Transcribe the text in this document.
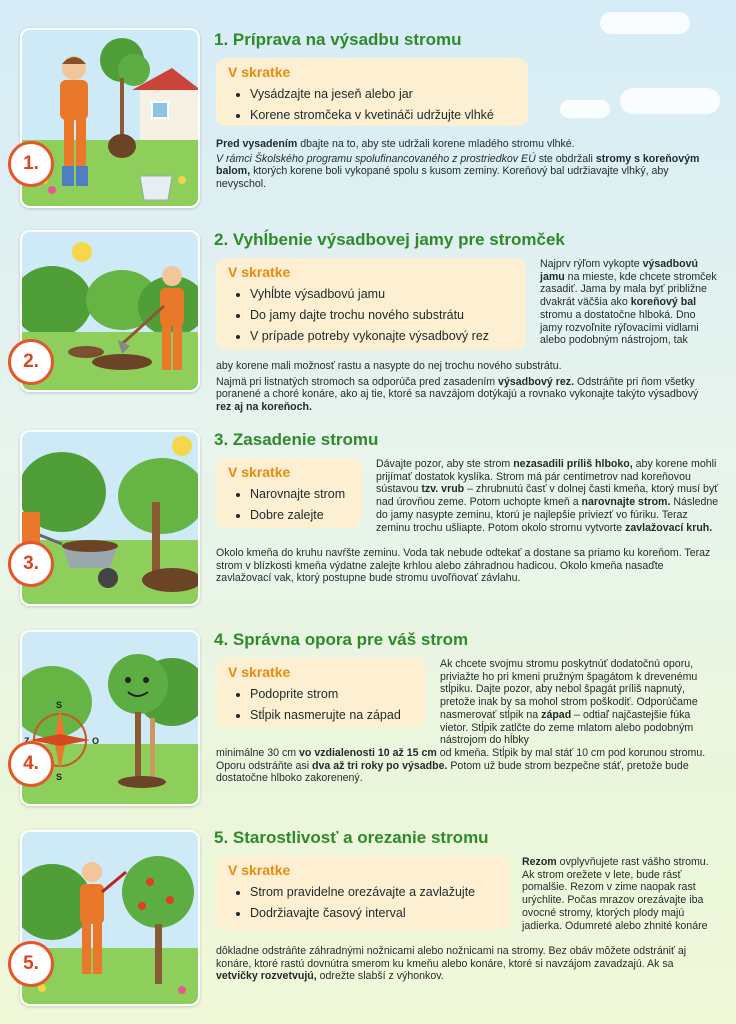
1.
1. Príprava na výsadbu stromu
V skratke
• Vysádzajte na jeseň alebo jar
• Korene stromčeka v kvetináči udržujte vlhké

Pred vysadením dbajte na to, aby ste udržali korene mladého stromu vlhké.

V rámci Školského programu spolufinancovaného z prostriedkov EÚ ste obdržali stromy s koreňovým balom, ktorých korene boli vykopané spolu s kusom zeminy. Koreňový bal udržiavajte vlhký, aby nevyschol.

2.
2. Vyhĺbenie výsadbovej jamy pre stromček
V skratke
• Vyhĺbte výsadbovú jamu
• Do jamy dajte trochu nového substrátu
• V prípade potreby vykonajte výsadbový rez

Najprv rýľom vykopte výsadbovú jamu na mieste, kde chcete stromček zasadiť. Jama by mala byť približne dvakrát väčšia ako koreňový bal stromu a dostatočne hlboká. Dno jamy rozvoľnite rýľovacími vidlami alebo podobným nástrojom, tak

aby korene mali možnosť rastu a nasypte do nej trochu nového substrátu.

Najmä pri listnatých stromoch sa odporúča pred zasadením výsadbový rez. Odstráňte pri ňom všetky poranené a choré konáre, ako aj tie, ktoré sa navzájom dotýkajú a rovnako vykonajte takýto výsadbový rez aj na koreňoch.

3.
3. Zasadenie stromu
V skratke
• Narovnajte strom
• Dobre zalejte

Dávajte pozor, aby ste strom nezasadili príliš hlboko, aby korene mohli prijímať dostatok kyslíka. Strom má pár centimetrov nad koreňovou sústavou tzv. vrub – zhrubnutú časť v dolnej časti kmeňa, ktorý musí byť nad úrovňou zeme. Potom uchopte kmeň a narovnajte strom. Následne do jamy nasypte zeminu, ktorú je najlepšie priviezť vo fúriku. Teraz zeminu trochu ušliapte. Potom okolo stromu vytvorte zavlažovací kruh.

Okolo kmeňa do kruhu navŕšte zeminu. Voda tak nebude odtekať a dostane sa priamo ku koreňom. Teraz strom v blízkosti kmeňa výdatne zalejte krhlou alebo záhradnou hadicou. Okolo kmeňa nasaďte zavlažovací vak, ktorý postupne bude stromu uvoľňovať závlahu.

S
O
S
4.
4. Správna opora pre váš strom
V skratke
• Podoprite strom
• Stĺpik nasmerujte na západ

Ak chcete svojmu stromu poskytnúť dodatočnú oporu, priviažte ho pri kmeni pružným špagátom k drevenému stĺpiku. Dajte pozor, aby nebol špagát príliš napnutý, pretože inak by sa mohol strom poškodiť. Odporúčame nasmerovať stĺpik na západ – odtiaľ najčastejšie fúka vietor. Stĺpik zatlčte do zeme mlatom alebo podobným nástrojom do hĺbky

minimálne 30 cm vo vzdialenosti 10 až 15 cm od kmeňa. Stĺpik by mal stáť 10 cm pod korunou stromu. Oporu odstráňte asi dva až tri roky po výsadbe. Potom už bude strom bezpečne stáť, pretože bude dostatočne hlboko zakorenený.

5.
5. Starostlivosť a orezanie stromu
V skratke
• Strom pravidelne orezávajte a zavlažujte
• Dodržiavajte časový interval

Rezom ovplyvňujete rast vášho stromu. Ak strom orežete v lete, bude rásť pomalšie. Rezom v zime naopak rast urýchlite. Počas mrazov orezávajte iba ovocné stromy, ktorých plody majú jadierka. Odumreté alebo zhnité konáre

dôkladne odstráňte záhradnými nožnicami alebo nožnicami na stromy. Bez obáv môžete odstrániť aj konáre, ktoré rastú dovnútra smerom ku kmeňu alebo konáre, ktoré si navzájom zavadzajú. Ak sa vetvičky rozvetvujú, odrežte slabší z výhonkov.
